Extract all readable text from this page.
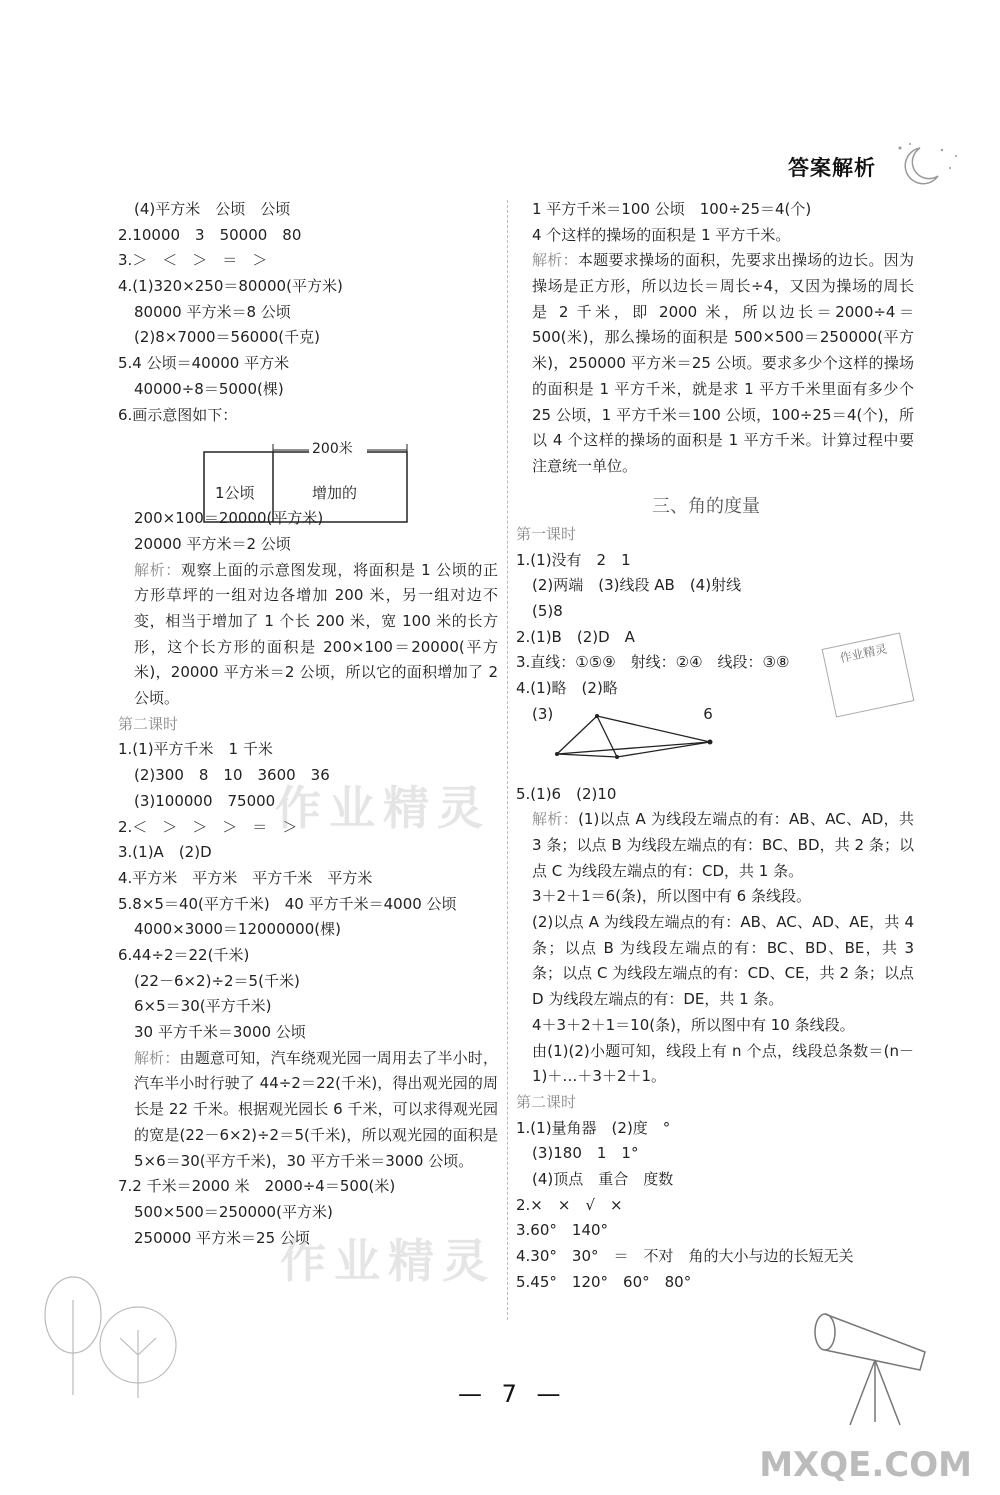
答案解析
(4)平方米　公顷　公顷
2.10000　3　50000　80
3.＞　＜　＞　＝　＞
4.(1)320×250＝80000(平方米)
80000 平方米＝8 公顷
(2)8×7000＝56000(千克)
5.4 公顷＝40000 平方米
40000÷8＝5000(棵)
6.画示意图如下：
200×100＝20000(平方米)
20000 平方米＝2 公顷
解析：观察上面的示意图发现，将面积是 1 公顷的正方形草坪的一组对边各增加 200 米，另一组对边不变，相当于增加了 1 个长 200 米，宽 100 米的长方形，这个长方形的面积是 200×100＝20000(平方米)，20000 平方米＝2 公顷，所以它的面积增加了 2 公顷。
第二课时
1.(1)平方千米　1 千米
(2)300　8　10　3600　36
(3)100000　75000
2.＜　＞　＞　＞　＝　＞
3.(1)A　(2)D
4.平方米　平方米　平方千米　平方米
5.8×5＝40(平方千米)　40 平方千米＝4000 公顷
4000×3000＝12000000(棵)
6.44÷2＝22(千米)
(22－6×2)÷2＝5(千米)
6×5＝30(平方千米)
30 平方千米＝3000 公顷
解析：由题意可知，汽车绕观光园一周用去了半小时，汽车半小时行驶了 44÷2＝22(千米)，得出观光园的周长是 22 千米。根据观光园长 6 千米，可以求得观光园的宽是(22－6×2)÷2＝5(千米)，所以观光园的面积是 5×6＝30(平方千米)，30 平方千米＝3000 公顷。
7.2 千米＝2000 米　2000÷4＝500(米)
500×500＝250000(平方米)
250000 平方米＝25 公顷
200米
1公顷	增加的
1 平方千米＝100 公顷　100÷25＝4(个)
4 个这样的操场的面积是 1 平方千米。
解析：本题要求操场的面积，先要求出操场的边长。因为操场是正方形，所以边长＝周长÷4，又因为操场的周长是 2 千米，即 2000 米，所以边长＝2000÷4＝500(米)，那么操场的面积是 500×500＝250000(平方米)，250000 平方米＝25 公顷。要求多少个这样的操场的面积是 1 平方千米，就是求 1 平方千米里面有多少个 25 公顷，1 平方千米＝100 公顷，100÷25＝4(个)，所以 4 个这样的操场的面积是 1 平方千米。计算过程中要注意统一单位。
三、角的度量
第一课时
1.(1)没有　2　1
(2)两端　(3)线段 AB　(4)射线
(5)8
2.(1)B　(2)D　A
3.直线：①⑤⑨　射线：②④　线段：③⑧
4.(1)略　(2)略
(3)	6
5.(1)6　(2)10
解析：(1)以点 A 为线段左端点的有：AB、AC、AD，共 3 条；以点 B 为线段左端点的有：BC、BD，共 2 条；以点 C 为线段左端点的有：CD，共 1 条。
3＋2＋1＝6(条)，所以图中有 6 条线段。
(2)以点 A 为线段左端点的有：AB、AC、AD、AE，共 4 条；以点 B 为线段左端点的有：BC、BD、BE，共 3 条；以点 C 为线段左端点的有：CD、CE，共 2 条；以点 D 为线段左端点的有：DE，共 1 条。
4＋3＋2＋1＝10(条)，所以图中有 10 条线段。
由(1)(2)小题可知，线段上有 n 个点，线段总条数＝(n－1)＋…＋3＋2＋1。
第二课时
1.(1)量角器　(2)度　°
(3)180　1　1°
(4)顶点　重合　度数
2.×　×　√　×
3.60°　140°
4.30°　30°　＝　不对　角的大小与边的长短无关
5.45°　120°　60°　80°
作业精灵
作业精灵
作业精灵
— 7 —
MXQE.COM
